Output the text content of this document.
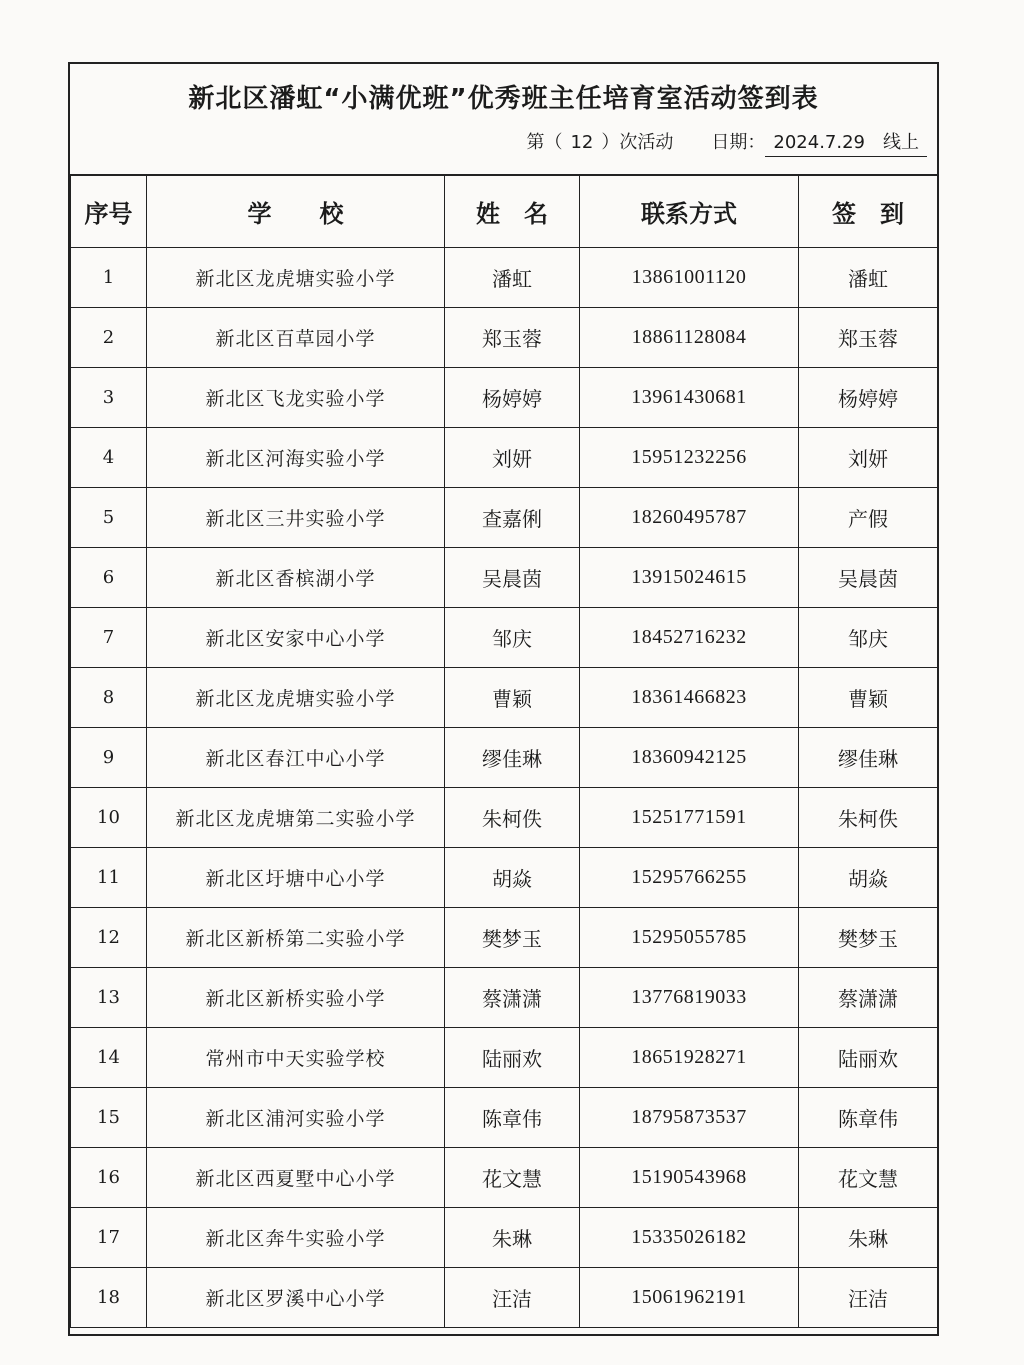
新北区潘虹“小满优班”优秀班主任培育室活动签到表
第（ 12 ）次活动 日期： 2024.7.29　线上
序号	学　　校	姓　名	联系方式	签　到
1	新北区龙虎塘实验小学	潘虹	13861001120	潘虹
2	新北区百草园小学	郑玉蓉	18861128084	郑玉蓉
3	新北区飞龙实验小学	杨婷婷	13961430681	杨婷婷
4	新北区河海实验小学	刘妍	15951232256	刘妍
5	新北区三井实验小学	查嘉俐	18260495787	产假
6	新北区香槟湖小学	吴晨茵	13915024615	吴晨茵
7	新北区安家中心小学	邹庆	18452716232	邹庆
8	新北区龙虎塘实验小学	曹颖	18361466823	曹颖
9	新北区春江中心小学	缪佳琳	18360942125	缪佳琳
10	新北区龙虎塘第二实验小学	朱柯佚	15251771591	朱柯佚
11	新北区圩塘中心小学	胡焱	15295766255	胡焱
12	新北区新桥第二实验小学	樊梦玉	15295055785	樊梦玉
13	新北区新桥实验小学	蔡潇潇	13776819033	蔡潇潇
14	常州市中天实验学校	陆丽欢	18651928271	陆丽欢
15	新北区浦河实验小学	陈章伟	18795873537	陈章伟
16	新北区西夏墅中心小学	花文慧	15190543968	花文慧
17	新北区奔牛实验小学	朱琳	15335026182	朱琳
18	新北区罗溪中心小学	汪洁	15061962191	汪洁
